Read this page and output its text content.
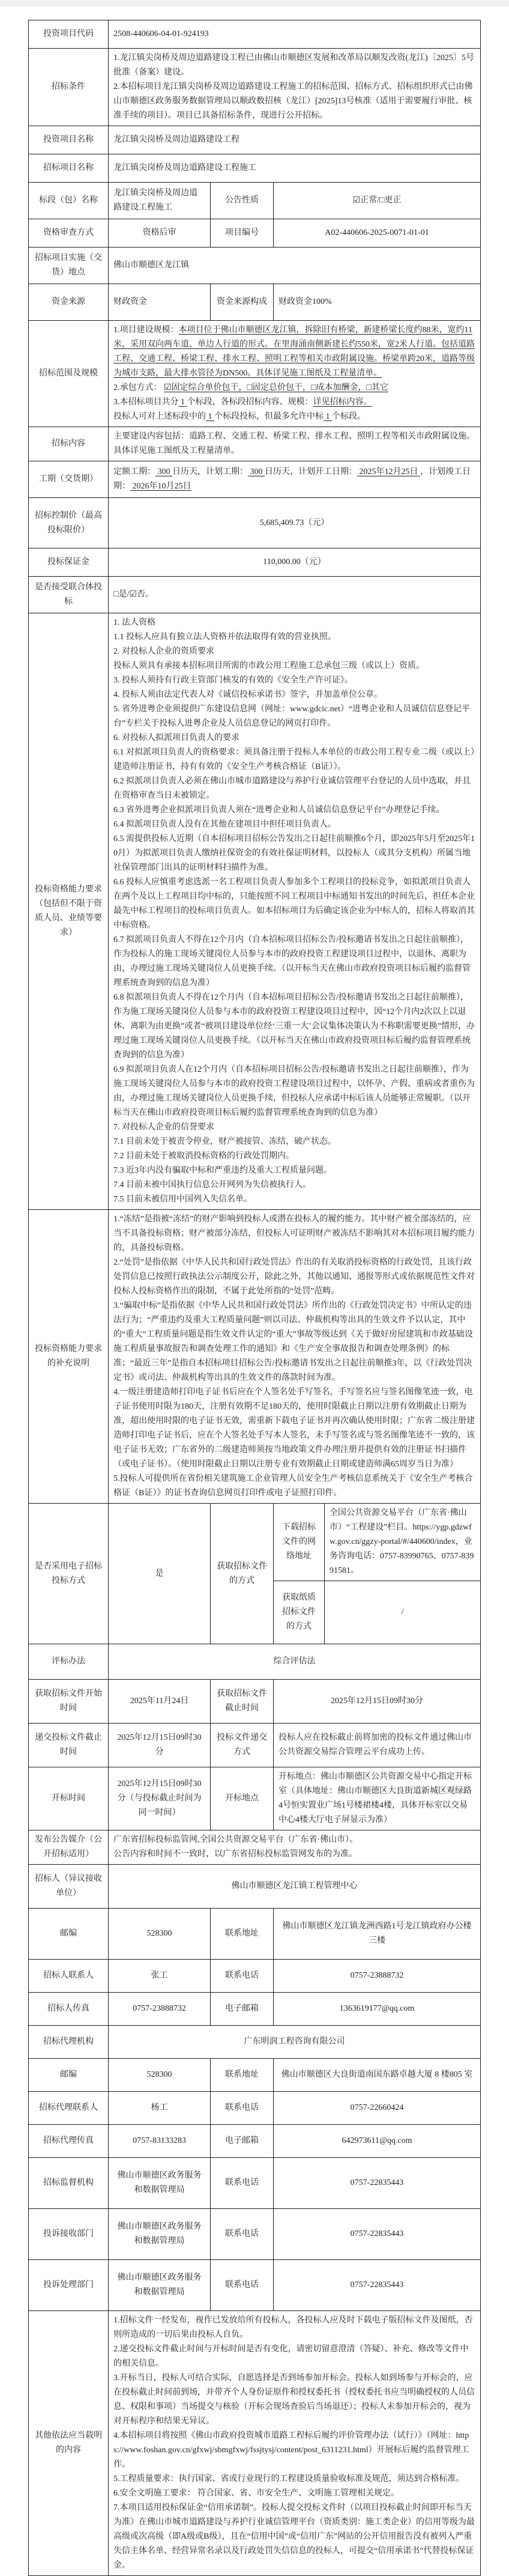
投资项目代码	2508-440606-04-01-924193			
招标条件	1.龙江镇尖岗桥及周边道路建设工程已由佛山市顺德区发展和改革局以顺发改资(龙江)〔2025〕5号批准（备案）建设。
2.本招标项目龙江镇尖岗桥及周边道路建设工程施工的招标范围、招标方式、招标组织形式已由佛山市顺德区政务服务数据管理局以顺政数招核（龙江）[2025]13号核准（适用于需要履行审批、核准手续的项目）。项目已具备招标条件，现进行公开招标。			

投资项目名称	龙江镇尖岗桥及周边道路建设工程			
招标项目名称	龙江镇尖岗桥及周边道路建设工程施工			
标段（包）名称	龙江镇尖岗桥及周边道路建设工程施工	公告性质	☑正常/□更正	
资格审查方式	资格后审	项目编号	A02-440606-2025-0071-01-01	
招标项目实施（交货）地点	佛山市顺德区龙江镇			
资金来源	财政资金	资金来源构成	财政资金100%	
招标范围及规模	1.项目建设规模：本项目位于佛山市顺德区龙江镇，拆除旧有桥梁，新建桥梁长度约88米，宽约11米，采用双向两车道、单边人行道的形式。在里海涌南侧新建长约550米，宽2米人行道。包括道路工程、交通工程、桥梁工程、排水工程、照明工程等相关市政附属设施。桥梁单跨20米，道路等级为城市支路，最大排水管径为DN500。具体详见施工图纸及工程量清单。
2.承包方式： ☑固定综合单价包干，□固定总价包干，□成本加酬金，□其它
3.本招标项目共分 1 个标段，各标段招标内容、规模：详见招标内容。
投标人可对上述标段中的 1 个标段投标，但最多允许中标 1 个标段。			

招标内容	主要建设内容包括：道路工程、交通工程、桥梁工程、排水工程、照明工程等相关市政附属设施。具体详见施工图纸及工程量清单。			
工期（交货期）	定额工期： 300 日历天，计划工期： 300 日历天，计划开工日期： 2025年12月25日 ，计划竣工日期： 2026年10月25日			
招标控制价（最高投标限价）	5,685,409.73（元）			
投标保证金	110,000.00（元）			
是否接受联合体投标	□是/☑否。			
投标资格能力要求（包括但不限于资质人员、业绩等要求）	
1. 法人资格
1.1 投标人应具有独立法人资格并依法取得有效的营业执照。
2. 对投标人企业的资质要求
投标人须具有承接本招标项目所需的市政公用工程施工总承包三级（或以上）资质。
3. 投标人须持有行政主管部门核发的有效的《安全生产许可证》。
4. 投标人须由法定代表人对《诚信投标承诺书》签字，并加盖单位公章。
5. 省外进粤企业须提供广东建设信息网（网址：www.gdcic.net）“进粤企业和人员诚信信息登记平台”专栏关于投标人进粤企业及人员信息登记的网页打印件。
6. 对投标人拟派项目负责人的要求
6.1 对拟派项目负责人的资格要求：须具备注册于投标人本单位的市政公用工程专业二级（或以上）建造师注册证书，持有有效的《安全生产考核合格证（B证）》。
6.2 拟派项目负责人必须在佛山市城市道路建设与养护行业诚信管理平台登记的人员中选取，并且在资格审查当日未被锁定。
6.3 省外进粤企业拟派项目负责人须在“进粤企业和人员诚信信息登记平台”办理登记手续。
6.4 拟派项目负责人没有在其他在建项目中担任项目负责人。
6.5 需提供投标人近期（自本招标项目招标公告发出之日起往前顺推6个月，即2025年5月至2025年10月）为拟派项目负责人缴纳社保资金的有效社保证明材料，以投标人（或其分支机构）所属当地社保管理部门出具的证明材料扫描件为准。
6.6 投标人应慎重考虑选派一名工程项目负责人参加多个工程项目的投标竞争，如拟派项目负责人在两个及以上工程项目均中标的，只能按照不同工程项目中标通知书发出的时间先后，担任本企业最先中标工程项目的投标项目负责人。如本招标项目为后确定该企业为中标人的，招标人将取消其中标资格。
6.7 拟派项目负责人不得在12个月内（自本招标项目招标公告/投标邀请书发出之日起往前顺推），作为投标人的施工现场关键岗位人员参与本市的政府投资工程建设项目过程中，以退休、离职为由，办理过施工现场关键岗位人员更换手续。（以开标当天在佛山市政府投资项目标后履约监督管理系统查询到的信息为准）
6.8 拟派项目负责人不得在12个月内（自本招标项目招标公告/投标邀请书发出之日起往前顺推），作为施工现场关键岗位人员参与本市的政府投资工程建设项目过程中，因“12个月内2次以上以退休、离职为由更换”或者“被项目建设单位经‘三重一大’会议集体决策认为不称职需要更换”情形，办理过施工现场关键岗位人员更换手续。（以开标当天在佛山市政府投资项目标后履约监督管理系统查询到的信息为准）
6.9 拟派项目负责人在12个月内（自本招标项目招标公告/投标邀请书发出之日起往前顺推），作为施工现场关键岗位人员参与本市的政府投资工程建设项目过程中，以怀孕、产假、重病或者重伤为由，办理过施工现场关键岗位人员更换手续，但投标人应承诺中标后该人员能够正常履职。（以开标当天在佛山市政府投资项目标后履约监督管理系统查询到的信息为准）
7. 对投标人企业的信誉要求
7.1 目前未处于被责令停业，财产被接管、冻结，破产状态。
7.2 目前未处于被取消投标资格的行政处罚期内。
7.3 近3年内没有骗取中标和严重违约及重大工程质量问题。
7.4 目前未被中国执行信息公开网列为失信被执行人。
7.5 目前未被信用中国列入失信名单。

投标资格能力要求的补充说明	1.“冻结”是指被“冻结”的财产影响到投标人或潜在投标人的履约能力。其中财产被全部冻结的，应当不具备投标资格；财产被部分冻结，但投标人可证明财产被冻结不影响其对本招标项目履约能力的，具备投标资格。
2.“处罚”是指依据《中华人民共和国行政处罚法》作出的有关取消投标资格的行政处罚，且该行政处罚信息已按照行政执法公示制度公开，除此之外，其他以通知、通报等形式或依据规范性文件对投标人投标资格作出的限制，不属于此处所指的“处罚”范畴。
3.“骗取中标”是指依据《中华人民共和国行政处罚法》所作出的《行政处罚决定书》中所认定的违法行为；“严重违约及重大工程质量问题”则以司法、仲裁机构等出具的生效文件予以认定，其中的“重大”工程质量问题是指生效文件认定的“重大”事故等级达到《关于做好房屋建筑和市政基础设施工程质量事故报告和调查处理工作的通知》和《生产安全事故报告和调查处理条例》的标准；“最近三年”是指自本招标项目招标公告/投标邀请书发出之日起往前顺推3年，以《行政处罚决定书》或司法、仲裁机构等出具的生效文件的落款时间为准。
4.一级注册建造师打印电子证书后应在个人签名处手写签名，手写签名应与签名图像笔迹一致，电子证书使用时限为180天，注册有效期不足180天的，使用时限截止日期以注册有效期截止日期为准，超出使用时限的电子证书无效，需重新下载电子证书并再次确认使用时限；广东省二级注册建造师打印电子证书后，应在个人签名处手写本人签名，未手写签名或与签名图像笔迹不一致的，该电子证书无效；广东省外的二级建造师须按当地政策文件办理注册并提供有效的注册证书扫描件（或电子证书）。（使用时限截止日期以注册专业有效期截止日期或建造师满65周岁当日为准）
5.投标人可提供所在省份相关建筑施工企业管理人员安全生产考核信息系统关于《安全生产考核合格证（B证）》的证书查询信息网页打印件或电子证照打印件。			

是否采用电子招标投标方式	是	获取招标文件的方式	下载招标文件的网络地址	全国公共资源交易平台（广东省·佛山市）“工程建设”栏目。https://ygp.gdzwfw.gov.cn/ggzy-portal/#/440600/index，业务咨询电话：0757-83990765、0757-83991581。
			获取纸质招标文件的方式	/
评标办法	综合评估法			
获取招标文件开始时间	2025年11月24日	获取招标文件截止时间	2025年12月15日09时30分	
递交投标文件截止时间	2025年12月15日09时30分	投标文件递交方式	投标人应在投标截止前将加密的投标文件通过佛山市公共资源交易综合管理云平台成功上传。	
开标时间	2025年12月15日09时30分（与投标截止时间为同一时间）	开标地点	开标地点：佛山市顺德区公共资源交易中心指定开标室（具体地址：佛山市顺德区大良街道新城区观绿路4号恒实置业广场1号楼裙楼4楼，具体开标室以交易中心4楼大厅电子屏显示为准）	
发布公告媒介（公开招标适用）	广东省招标投标监管网,全国公共资源交易平台（广东省·佛山市）。
公告内容和时间不一致时，以广东省招标投标监管网发布的为准。			

招标人（异议接收单位）	佛山市顺德区龙江镇工程管理中心			
邮编	528300	联系地址	佛山市顺德区龙江镇龙洲西路1号龙江镇政府办公楼三楼	
招标人联系人	张工	联系电话	0757-23888732	
招标人传真	0757-23888732	电子邮箱	1363619177@qq.com	
招标代理机构	广东明润工程咨询有限公司			
邮编	528300	联系地址	佛山市顺德区大良街道南国东路卓越大厦 8 楼805 室	
招标代理联系人	杨工	联系电话	0757-22660424	
招标代理传真	0757-83133283	电子邮箱	642973611@qq.com	
招标监督机构	佛山市顺德区政务服务和数据管理局	联系电话	0757-22835443	
投诉接收部门	佛山市顺德区政务服务和数据管理局	联系电话	0757-22835443	
投诉处理部门	佛山市顺德区政务服务和数据管理局	联系电话	0757-22835443	
其他依法应当载明的内容	
1.招标文件一经发布，视作已发放给所有投标人，各投标人应及时下载电子版招标文件及图纸，否则所造成的一切后果由投标人自负。
2.递交投标文件截止时间与开标时间是否有变化，请密切留意澄清（答疑）、补充、修改等文件中的相关信息。
3.开标当日，投标人可结合实际，自愿选择是否到场参加开标会。投标人如到场参与开标会的，应在投标截止时间前到场，并带齐个人身份证原件和授权委托书（授权委托书应当明确授权的人员信息、权限和事项）当场提交与核验（开标会现场查验后当场退还）；投标人未参加开标会的，视为对开标程序和结果无异议。
4.本招标项目将按照《佛山市政府投资城市道路工程标后履约评价管理办法（试行）》（网址：https://www.foshan.gov.cn/gfxwj/sbmgfxwj/fssjtysj/content/post_6311231.html）开展标后履约监督管理工作。
5.工程质量要求：执行国家、省或行业现行的工程建设质量验收标准及规范，须达到合格标准。
6.安全文明施工要求： 符合国家、省、市安全生产、文明施工管理相关规定。
7.本项目适用投标保证金“信用承诺制”。投标人提交投标文件时（以项目投标截止时间即开标当天为准）在佛山市城市道路建设与养护行业诚信管理平台（资质类别：施工类企业）的信用等级为最高级或次高级（即A级或B级），且在“信用中国”或“信用广东”网站的公开信用报告没有被列入严重失信主体名单、经营异常名录以及行政处罚失信信息的投标人，可提交“信用承诺书”代替投标保证金。
